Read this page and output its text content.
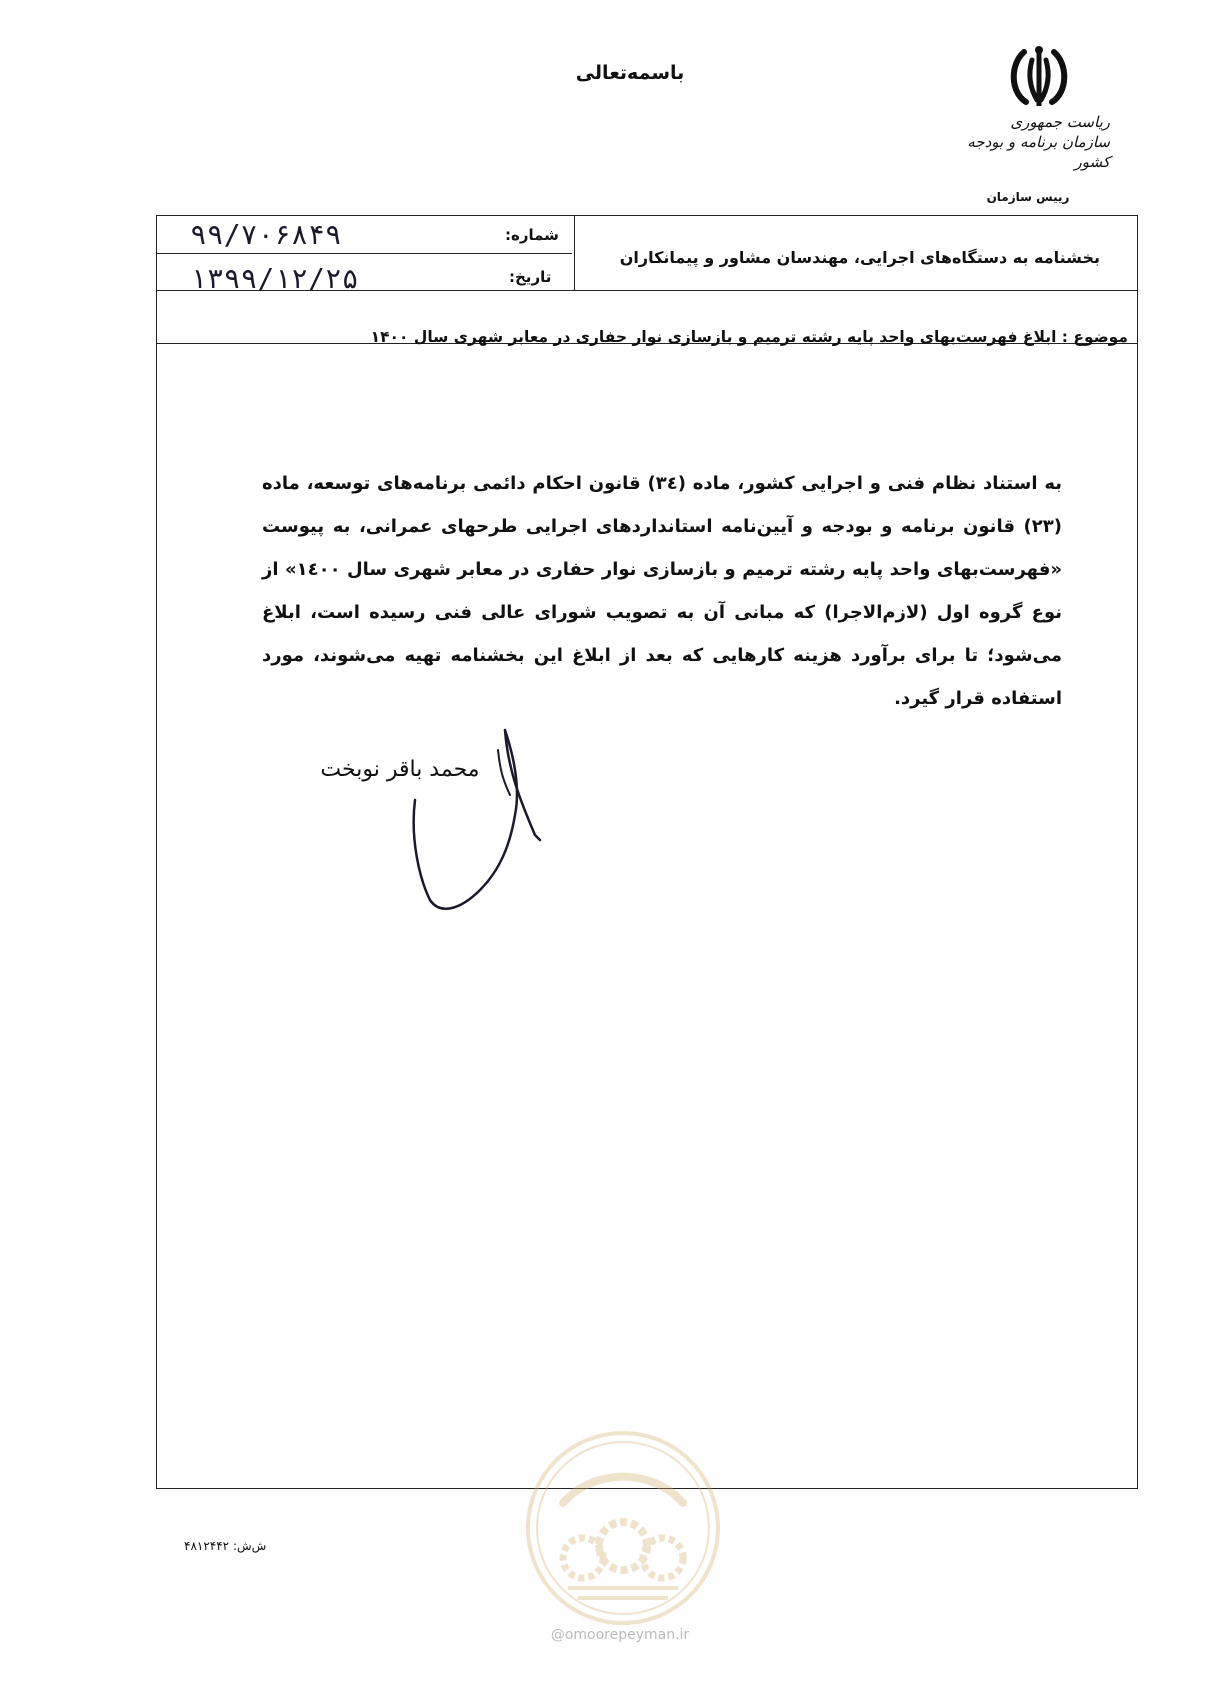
باسمه‌تعالی
ریاست جمهوری
سازمان برنامه و بودجه کشور
رییس سازمان
شماره:
۹۹/۷۰۶۸۴۹
تاریخ:
۱۳۹۹/۱۲/۲۵
بخشنامه به دستگاه‌های اجرایی، مهندسان مشاور و پیمانکاران
موضوع : ابلاغ فهرست‌بهای واحد پایه رشته ترمیم و بازسازی نوار حفاری در معابر شهری سال ۱۴۰۰
به استناد نظام فنی و اجرایی کشور، ماده (۳٤) قانون احکام دائمی برنامه‌های توسعه، ماده (۲۳) قانون برنامه و بودجه و آیین‌نامه استانداردهای اجرایی طرحهای عمرانی، به پیوست «فهرست‌بهای واحد پایه رشته ترمیم و بازسازی نوار حفاری در معابر شهری سال ۱٤۰۰» از نوع گروه اول (لازم‌الاجرا) که مبانی آن به تصویب شورای عالی فنی رسیده است، ابلاغ می‌شود؛ تا برای برآورد هزینه کارهایی که بعد از ابلاغ این بخشنامه تهیه می‌شوند، مورد استفاده قرار گیرد.
محمد باقر نوبخت
ش‌ش: ۴۸۱۲۴۴۲
@omoorepeyman.ir
